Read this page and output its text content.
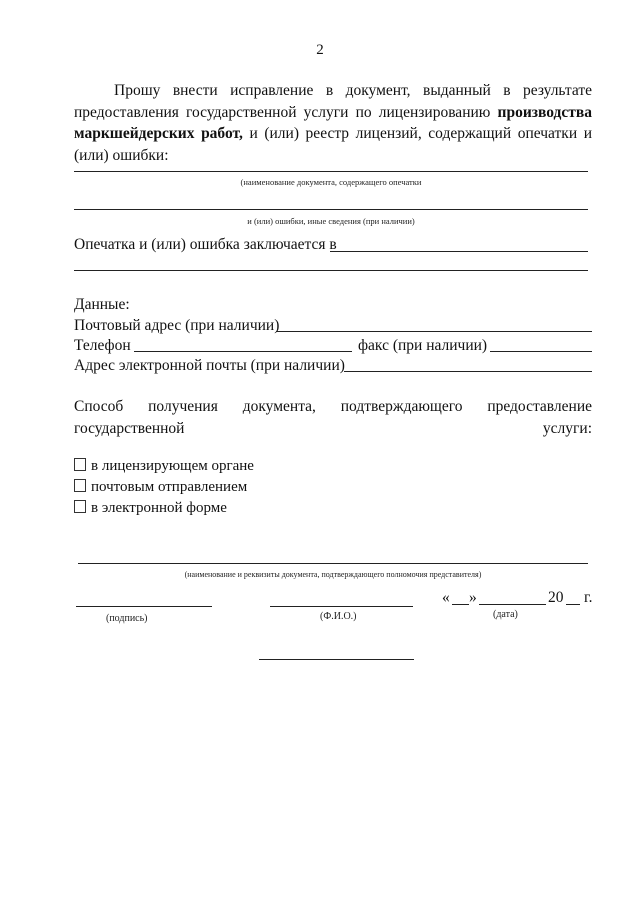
2
Прошу внести исправление в документ, выданный в результате предоставления государственной услуги по лицензированию производства маркшейдерских работ, и (или) реестр лицензий, содержащий опечатки и (или) ошибки:
(наименование документа, содержащего опечатки
и (или) ошибки, иные сведения (при наличии)
Опечатка и (или) ошибка заключается в
Данные:
Почтовый адрес (при наличии)
Телефон	факс (при наличии)
Адрес электронной почты (при наличии)
Способ получения документа, подтверждающего предоставление государственной услуги:
в лицензирующем органе
почтовым отправлением
в электронной форме
(наименование и реквизиты документа, подтверждающего полномочия представителя)
(подпись)	(Ф.И.О.)
« »	20 г.
(дата)
